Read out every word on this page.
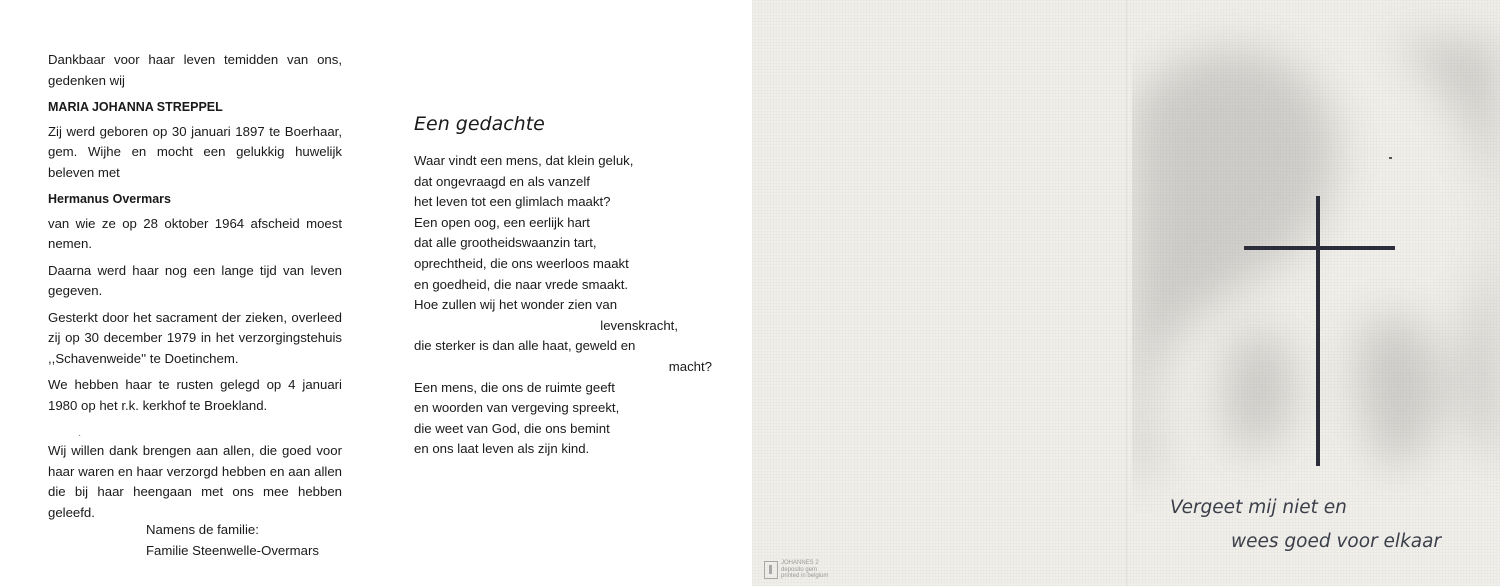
Dankbaar voor haar leven temidden van ons, gedenken wij

MARIA JOHANNA STREPPEL

Zij werd geboren op 30 januari 1897 te Boerhaar, gem. Wijhe en mocht een gelukkig huwelijk beleven met

Hermanus Overmars

van wie ze op 28 oktober 1964 afscheid moest nemen.

Daarna werd haar nog een lange tijd van leven gegeven.

Gesterkt door het sacrament der zieken, overleed zij op 30 december 1979 in het verzorgingstehuis ,,Schavenweide'' te Doetinchem.

We hebben haar te rusten gelegd op 4 januari 1980 op het r.k. kerkhof te Broekland.

·

Wij willen dank brengen aan allen, die goed voor haar waren en haar verzorgd hebben en aan allen die bij haar heengaan met ons mee hebben geleefd.

Namens de familie:
Familie Steenwelle-Overmars
Een gedachte
Waar vindt een mens, dat klein geluk,
dat ongevraagd en als vanzelf
het leven tot een glimlach maakt?
Een open oog, een eerlijk hart
dat alle grootheidswaanzin tart,
oprechtheid, die ons weerloos maakt
en goedheid, die naar vrede smaakt.
Hoe zullen wij het wonder zien van
levenskracht,
die sterker is dan alle haat, geweld en
macht?
Een mens, die ons de ruimte geeft
en woorden van vergeving spreekt,
die weet van God, die ons bemint
en ons laat leven als zijn kind.
Vergeet mij niet en
wees goed voor elkaar
JOHANNES 2
deposito gem
printed in belgium
